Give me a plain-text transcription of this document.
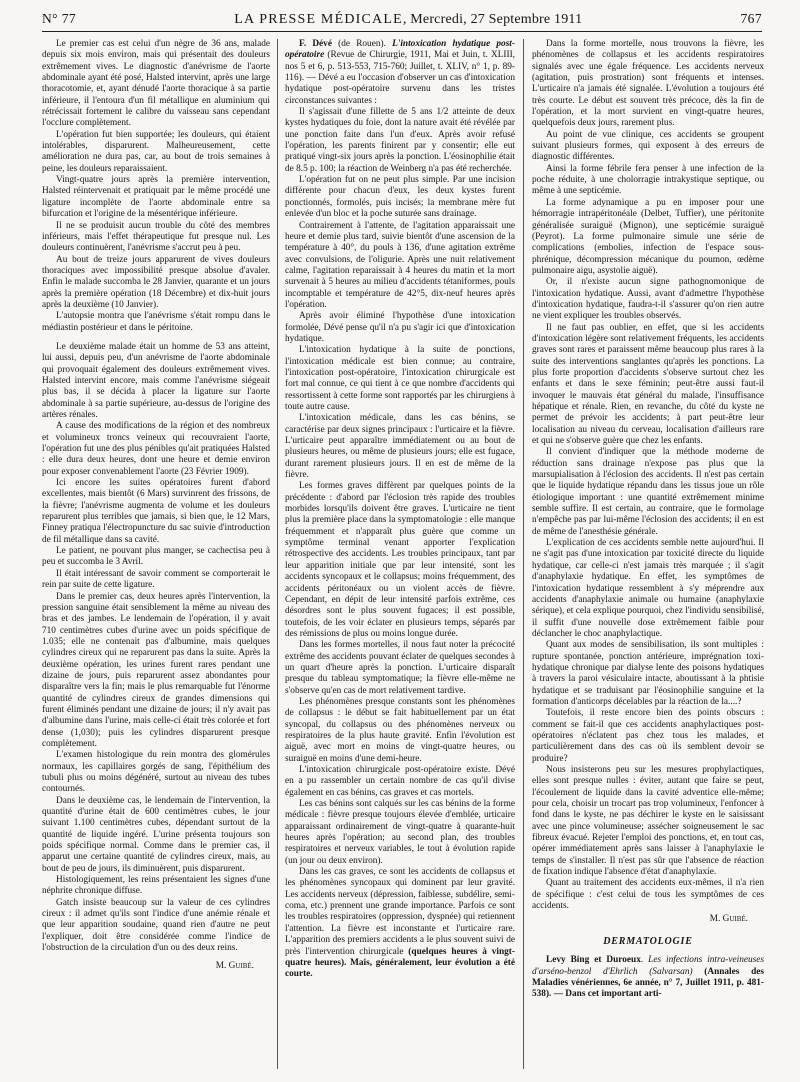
N° 77	LA PRESSE MÉDICALE, Mercredi, 27 Septembre 1911	767

Le premier cas est celui d'un nègre de 36 ans, malade depuis six mois environ, mais qui présentait des douleurs extrêmement vives. Le diagnostic d'anévrisme de l'aorte abdominale ayant été posé, Halsted intervint, après une large thoracotomie, et, ayant dénudé l'aorte thoracique à sa partie inférieure, il l'entoura d'un fil métallique en aluminium qui rétrécissait fortement le calibre du vaisseau sans cependant l'occlure complètement.

L'opération fut bien supportée; les douleurs, qui étaient intolérables, disparurent. Malheureusement, cette amélioration ne dura pas, car, au bout de trois semaines à peine, les douleurs reparaissaient.

Vingt-quatre jours après la première intervention, Halsted réintervenait et pratiquait par le même procédé une ligature incomplète de l'aorte abdominale entre sa bifurcation et l'origine de la mésentérique inférieure.

Il ne se produisit aucun trouble du côté des membres inférieurs, mais l'effet thérapeutique fut presque nul. Les douleurs continuèrent, l'anévrisme s'accrut peu à peu.

Au bout de treize jours apparurent de vives douleurs thoraciques avec impossibilité presque absolue d'avaler. Enfin le malade succomba le 28 Janvier, quarante et un jours après la première opération (18 Décembre) et dix-huit jours après la deuxième (10 Janvier).

L'autopsie montra que l'anévrisme s'était rompu dans le médiastin postérieur et dans le péritoine.

Le deuxième malade était un homme de 53 ans atteint, lui aussi, depuis peu, d'un anévrisme de l'aorte abdominale qui provoquait également des douleurs extrêmement vives. Halsted intervint encore, mais comme l'anévrisme siégeait plus bas, il se décida à placer la ligature sur l'aorte abdominale à sa partie supérieure, au-dessus de l'origine des artères rénales.

A cause des modifications de la région et des nombreux et volumineux troncs veineux qui recouvraient l'aorte, l'opération fut une des plus pénibles qu'ait pratiquées Halsted : elle dura deux heures, dont une heure et demie environ pour exposer convenablement l'aorte (23 Février 1909).

Ici encore les suites opératoires furent d'abord excellentes, mais bientôt (6 Mars) survinrent des frissons, de la fièvre; l'anévrisme augmenta de volume et les douleurs reparurent plus terribles que jamais, si bien que, le 12 Mars, Finney pratiqua l'électropuncture du sac suivie d'introduction de fil métallique dans sa cavité.

Le patient, ne pouvant plus manger, se cachectisa peu à peu et succomba le 3 Avril.

Il était intéressant de savoir comment se comporterait le rein par suite de cette ligature.

Dans le premier cas, deux heures après l'intervention, la pression sanguine était sensiblement la même au niveau des bras et des jambes. Le lendemain de l'opération, il y avait 710 centimètres cubes d'urine avec un poids spécifique de 1.035; elle ne contenait pas d'albumine, mais quelques cylindres cireux qui ne reparurent pas dans la suite. Après la deuxième opération, les urines furent rares pendant une dizaine de jours, puis reparurent assez abondantes pour disparaître vers la fin; mais le plus remarquable fut l'énorme quantité de cylindres cireux de grandes dimensions qui furent éliminés pendant une dizaine de jours; il n'y avait pas d'albumine dans l'urine, mais celle-ci était très colorée et fort dense (1,030); puis les cylindres disparurent presque complètement.

L'examen histologique du rein montra des glomérules normaux, les capillaires gorgés de sang, l'épithélium des tubuli plus ou moins dégénéré, surtout au niveau des tubes contournés.

Dans le deuxième cas, le lendemain de l'intervention, la quantité d'urine était de 600 centimètres cubes, le jour suivant 1.100 centimètres cubes, dépendant surtout de la quantité de liquide ingéré. L'urine présenta toujours son poids spécifique normal. Comme dans le premier cas, il apparut une certaine quantité de cylindres cireux, mais, au bout de peu de jours, ils diminuèrent, puis disparurent.

Histologiquement, les reins présentaient les signes d'une néphrite chronique diffuse.

Gatch insiste beaucoup sur la valeur de ces cylindres cireux : il admet qu'ils sont l'indice d'une anémie rénale et que leur apparition soudaine, quand rien d'autre ne peut l'expliquer, doit être considérée comme l'indice de l'obstruction de la circulation d'un ou des deux reins.

M. Guibé.

F. Dévé (de Rouen). L'intoxication hydatique post-opératoire (Revue de Chirurgie, 1911, Mai et Juin, t. XLIII, nos 5 et 6, p. 513-553, 715-760; Juillet, t. XLIV, n° 1, p. 89-116). — Dévé a eu l'occasion d'observer un cas d'intoxication hydatique post-opératoire survenu dans les tristes circonstances suivantes :

Il s'agissait d'une fillette de 5 ans 1/2 atteinte de deux kystes hydatiques du foie, dont la nature avait été révélée par une ponction faite dans l'un d'eux. Après avoir refusé l'opération, les parents finirent par y consentir; elle eut pratiqué vingt-six jours après la ponction. L'éosinophilie était de 8.5 p. 100; la réaction de Weinberg n'a pas été recherchée.

L'opération fut on ne peut plus simple. Par une incision différente pour chacun d'eux, les deux kystes furent ponctionnés, formolés, puis incisés; la membrane mère fut enlevée d'un bloc et la poche suturée sans drainage.

Contrairement à l'attente, de l'agitation apparaissait une heure et demie plus tard, suivie bientôt d'une ascension de la température à 40°, du pouls à 136, d'une agitation extrême avec convulsions, de l'oligurie. Après une nuit relativement calme, l'agitation reparaissait à 4 heures du matin et la mort survenait à 5 heures au milieu d'accidents tétaniformes, pouls incomptable et température de 42°5, dix-neuf heures après l'opération.

Après avoir éliminé l'hypothèse d'une intoxication formolée, Dévé pense qu'il n'a pu s'agir ici que d'intoxication hydatique.

L'intoxication hydatique à la suite de ponctions, l'intoxication médicale est bien connue; au contraire, l'intoxication post-opératoire, l'intoxication chirurgicale est fort mal connue, ce qui tient à ce que nombre d'accidents qui ressortissent à cette forme sont rapportés par les chirurgiens à toute autre cause.

L'intoxication médicale, dans les cas bénins, se caractérise par deux signes principaux : l'urticaire et la fièvre. L'urticaire peut apparaître immédiatement ou au bout de plusieurs heures, ou même de plusieurs jours; elle est fugace, durant rarement plusieurs jours. Il en est de même de la fièvre.

Les formes graves diffèrent par quelques points de la précédente : d'abord par l'éclosion très rapide des troubles morbides lorsqu'ils doivent être graves. L'urticaire ne tient plus la première place dans la symptomatologie : elle manque fréquemment et n'apparaît plus guère que comme un symptôme terminal venant apporter l'explication rétrospective des accidents. Les troubles principaux, tant par leur apparition initiale que par leur intensité, sont les accidents syncopaux et le collapsus; moins fréquemment, des accidents péritonéaux ou un violent accès de fièvre. Cependant, en dépit de leur intensité parfois extrême, ces désordres sont le plus souvent fugaces; il est possible, toutefois, de les voir éclater en plusieurs temps, séparés par des rémissions de plus ou moins longue durée.

Dans les formes mortelles, il nous faut noter la précocité extrême des accidents pouvant éclater de quelques secondes à un quart d'heure après la ponction. L'urticaire disparaît presque du tableau symptomatique; la fièvre elle-même ne s'observe qu'en cas de mort relativement tardive.

Les phénomènes presque constants sont les phénomènes de collapsus : le début se fait habituellement par un état syncopal, du collapsus ou des phénomènes nerveux ou respiratoires de la plus haute gravité. Enfin l'évolution est aiguë, avec mort en moins de vingt-quatre heures, ou suraiguë en moins d'une demi-heure.

L'intoxication chirurgicale post-opératoire existe. Dévé en a pu rassembler un certain nombre de cas qu'il divise également en cas bénins, cas graves et cas mortels.

Les cas bénins sont calqués sur les cas bénins de la forme médicale : fièvre presque toujours élevée d'emblée, urticaire apparaissant ordinairement de vingt-quatre à quarante-huit heures après l'opération; au second plan, des troubles respiratoires et nerveux variables, le tout à évolution rapide (un jour ou deux environ).

Dans les cas graves, ce sont les accidents de collapsus et les phénomènes syncopaux qui dominent par leur gravité. Les accidents nerveux (dépression, faiblesse, subdélire, semi-coma, etc.) prennent une grande importance. Parfois ce sont les troubles respiratoires (oppression, dyspnée) qui retiennent l'attention. La fièvre est inconstante et l'urticaire rare. L'apparition des premiers accidents a le plus souvent suivi de près l'intervention chirurgicale (quelques heures à vingt-quatre heures). Mais, généralement, leur évolution a été courte.

Dans la forme mortelle, nous trouvons la fièvre, les phénomènes de collapsus et les accidents respiratoires signalés avec une égale fréquence. Les accidents nerveux (agitation, puis prostration) sont fréquents et intenses. L'urticaire n'a jamais été signalée. L'évolution a toujours été très courte. Le début est souvent très précoce, dès la fin de l'opération, et la mort survient en vingt-quatre heures, quelquefois deux jours, rarement plus.

Au point de vue clinique, ces accidents se groupent suivant plusieurs formes, qui exposent à des erreurs de diagnostic différentes.

Ainsi la forme fébrile fera penser à une infection de la poche réduite, à une cholorragie intrakystique septique, ou même à une septicémie.

La forme adynamique a pu en imposer pour une hémorragie intrapéritonéale (Delbet, Tuffier), une péritonite généralisée suraiguë (Mignon), une septicémie suraiguë (Peyrot). La forme pulmonaire simule une série de complications (embolies, infection de l'espace sous-phrénique, décompression mécanique du poumon, œdème pulmonaire aigu, asystolie aiguë).

Or, il n'existe aucun signe pathognomonique de l'intoxication hydatique. Aussi, avant d'admettre l'hypothèse d'intoxication hydatique, faudra-t-il s'assurer qu'on rien autre ne vient expliquer les troubles observés.

Il ne faut pas oublier, en effet, que si les accidents d'intoxication légère sont relativement fréquents, les accidents graves sont rares et paraissent même beaucoup plus rares à la suite des interventions sanglantes qu'après les ponctions. La plus forte proportion d'accidents s'observe surtout chez les enfants et dans le sexe féminin; peut-être aussi faut-il invoquer le mauvais état général du malade, l'insuffisance hépatique et rénale. Rien, en revanche, du côté du kyste ne permet de prévoir les accidents; à part peut-être leur localisation au niveau du cerveau, localisation d'ailleurs rare et qui ne s'observe guère que chez les enfants.

Il convient d'indiquer que la méthode moderne de réduction sans drainage n'expose pas plus que la marsupialisation à l'éclosion des accidents. Il n'est pas certain que le liquide hydatique répandu dans les tissus joue un rôle étiologique important : une quantité extrêmement minime semble suffire. Il est certain, au contraire, que le formolage n'empêche pas par lui-même l'éclosion des accidents; il en est de même de l'anesthésie générale.

L'explication de ces accidents semble nette aujourd'hui. Il ne s'agit pas d'une intoxication par toxicité directe du liquide hydatique, car celle-ci n'est jamais très marquée ; il s'agit d'anaphylaxie hydatique. En effet, les symptômes de l'intoxication hydatique ressemblent à s'y méprendre aux accidents d'anaphylaxie animale ou humaine (anaphylaxie sérique), et cela explique pourquoi, chez l'individu sensibilisé, il suffit d'une nouvelle dose extrêmement faible pour déclancher le choc anaphylactique.

Quant aux modes de sensibilisation, ils sont multiples : rupture spontanée, ponction antérieure, imprégnation toxi-hydatique chronique par dialyse lente des poisons hydatiques à travers la paroi vésiculaire intacte, aboutissant à la phtisie hydatique et se traduisant par l'éosinophilie sanguine et la formation d'anticorps décelables par la réaction de la....?

Toutefois, il reste encore bien des points obscurs : comment se fait-il que ces accidents anaphylactiques post-opératoires n'éclatent pas chez tous les malades, et particulièrement dans des cas où ils semblent devoir se produire?

Nous insisterons peu sur les mesures prophylactiques, elles sont presque nulles : éviter, autant que faire se peut, l'écoulement de liquide dans la cavité adventice elle-même; pour cela, choisir un trocart pas trop volumineux, l'enfoncer à fond dans le kyste, ne pas déchirer le kyste en le saisissant avec une pince volumineuse; assécher soigneusement le sac fibreux évacué. Rejeter l'emploi des ponctions, et, en tout cas, opérer immédiatement après sans laisser à l'anaphylaxie le temps de s'installer. Il n'est pas sûr que l'absence de réaction de fixation indique l'absence d'état d'anaphylaxie.

Quant au traitement des accidents eux-mêmes, il n'a rien de spécifique : c'est celui de tous les symptômes de ces accidents.

M. Guibé.

DERMATOLOGIE

Levy Bing et Duroeux. Les infections intra-veineuses d'arséno-benzol d'Ehrlich (Salvarsan) (Annales des Maladies vénériennes, 6e année, n° 7, Juillet 1911, p. 481-538). — Dans cet important arti-
